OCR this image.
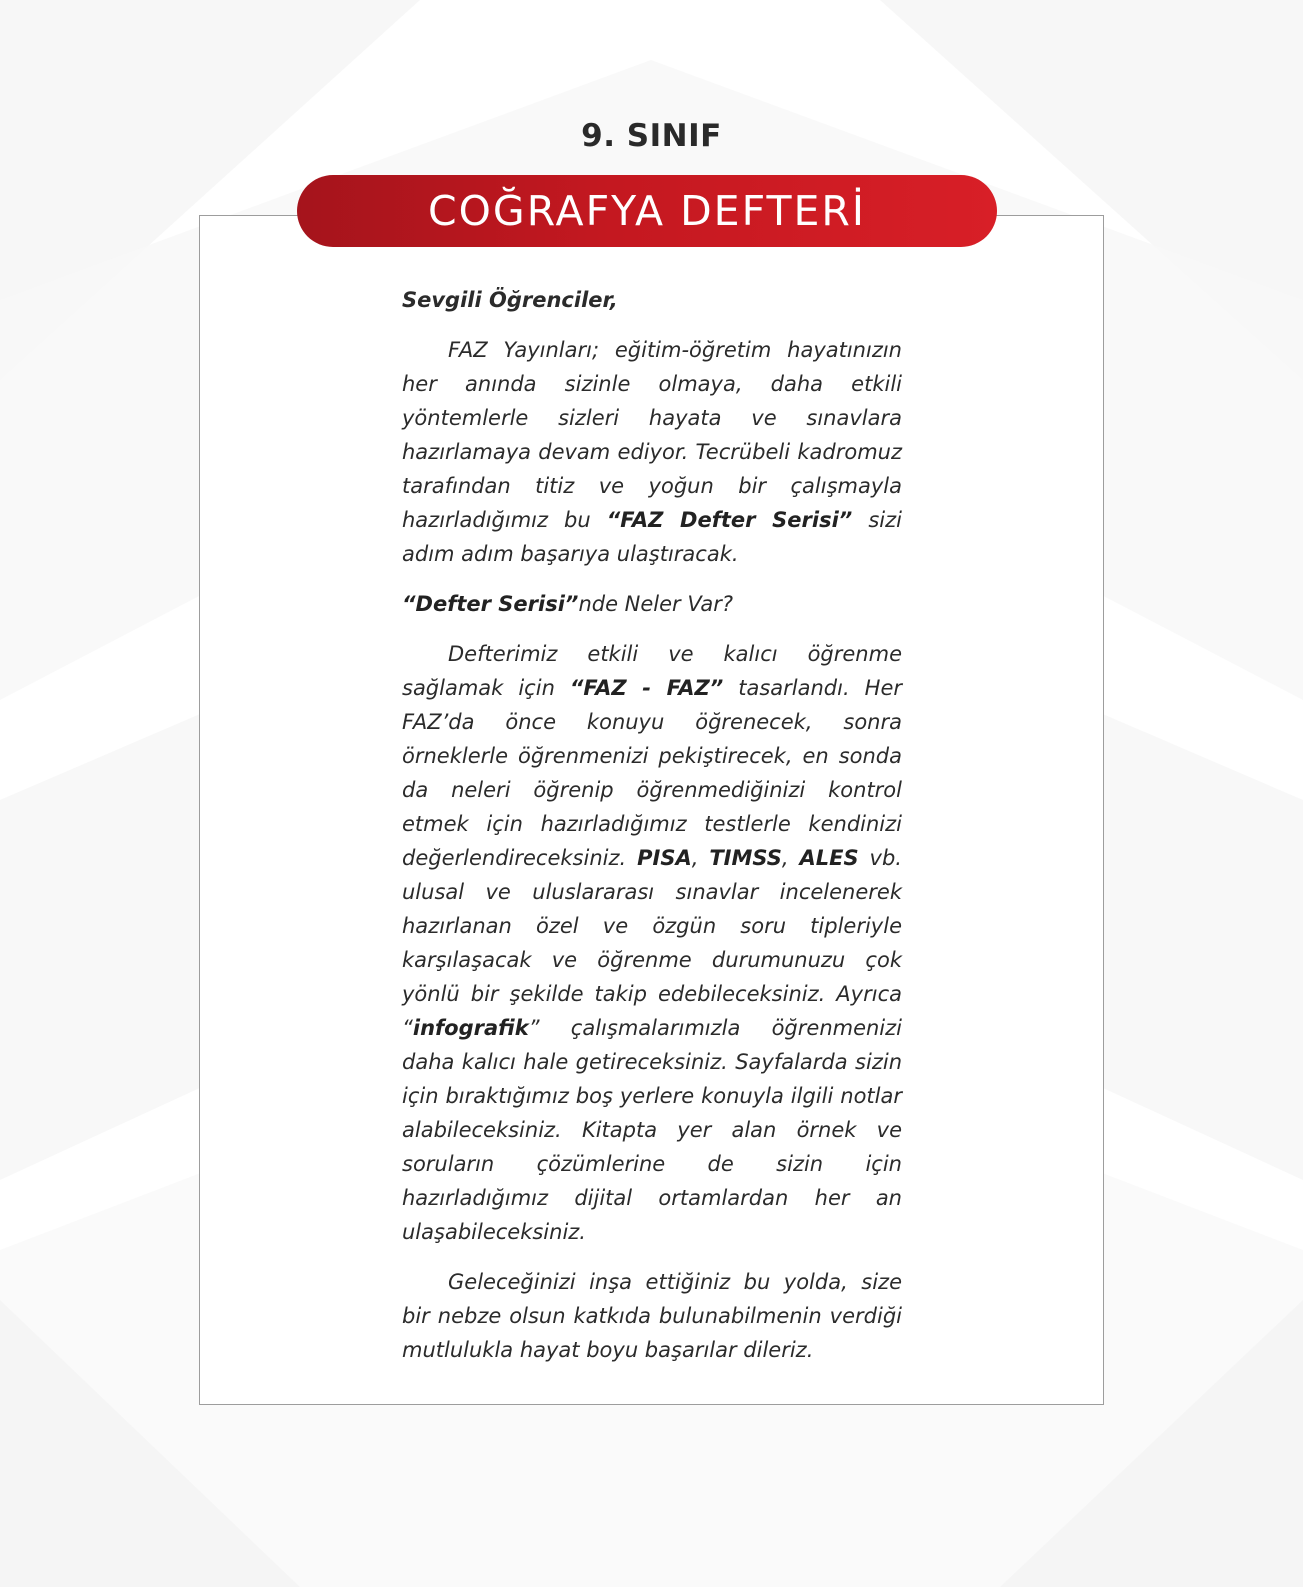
9. SINIF
COĞRAFYA DEFTERİ

Sevgili Öğrenciler,

FAZ Yayınları; eğitim-öğretim hayatınızın her anında sizinle olmaya, daha etkili yöntemlerle sizleri hayata ve sınavlara hazırlamaya devam ediyor. Tecrübeli kadromuz tarafından titiz ve yoğun bir çalışmayla hazırladığımız bu “FAZ Defter Serisi” sizi adım adım başarıya ulaştıracak.

“Defter Serisi”nde Neler Var?

Defterimiz etkili ve kalıcı öğrenme sağlamak için “FAZ - FAZ” tasarlandı. Her FAZ’da önce konuyu öğrenecek, sonra örneklerle öğrenmenizi pekiştirecek, en sonda da neleri öğrenip öğrenmediğinizi kontrol etmek için hazırladığımız testlerle kendinizi değerlendireceksiniz. PISA, TIMSS, ALES vb. ulusal ve uluslararası sınavlar incelenerek hazırlanan özel ve özgün soru tipleriyle karşılaşacak ve öğrenme durumunuzu çok yönlü bir şekilde takip edebileceksiniz. Ayrıca “infografik” çalışmalarımızla öğrenmenizi daha kalıcı hale getireceksiniz. Sayfalarda sizin için bıraktığımız boş yerlere konuyla ilgili notlar alabileceksiniz. Kitapta yer alan örnek ve soruların çözümlerine de sizin için hazırladığımız dijital ortamlardan her an ulaşabileceksiniz.

Geleceğinizi inşa ettiğiniz bu yolda, size bir nebze olsun katkıda bulunabilmenin verdiği mutlulukla hayat boyu başarılar dileriz.
